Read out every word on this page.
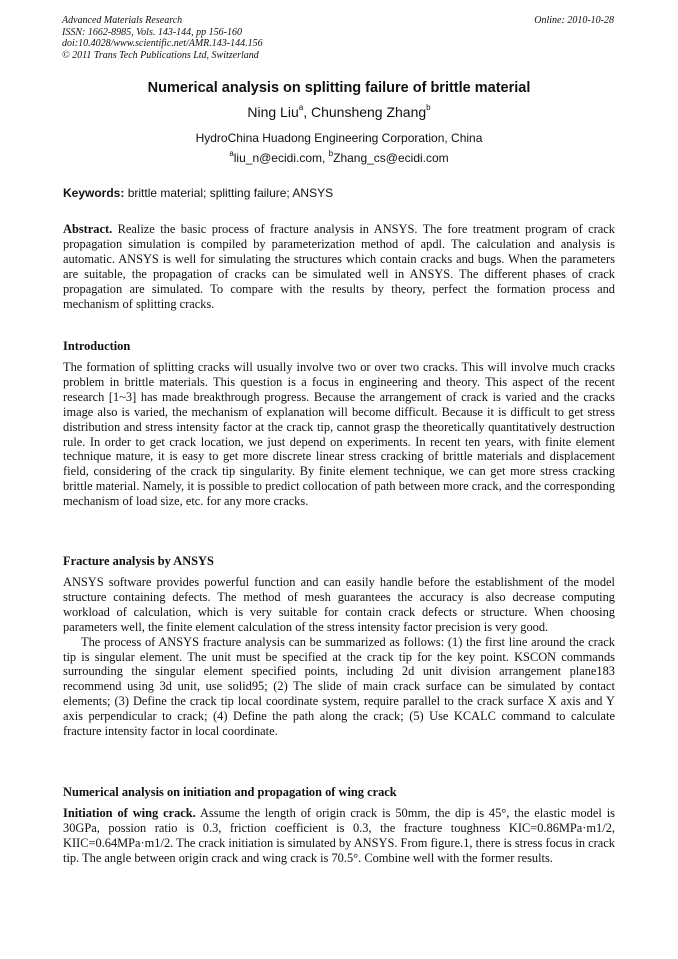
Advanced Materials Research
ISSN: 1662-8985, Vols. 143-144, pp 156-160
doi:10.4028/www.scientific.net/AMR.143-144.156
© 2011 Trans Tech Publications Ltd, Switzerland
Online: 2010-10-28
Numerical analysis on splitting failure of brittle material
Ning Liu$^a$, Chunsheng Zhang$^b$
HydroChina Huadong Engineering Corporation, China
$^a$liu_n@ecidi.com, $^b$Zhang_cs@ecidi.com
Keywords: brittle material; splitting failure; ANSYS

Abstract. Realize the basic process of fracture analysis in ANSYS. The fore treatment program of crack propagation simulation is compiled by parameterization method of apdl. The calculation and analysis is automatic. ANSYS is well for simulating the structures which contain cracks and bugs. When the parameters are suitable, the propagation of cracks can be simulated well in ANSYS. The different phases of crack propagation are simulated. To compare with the results by theory, perfect the formation process and mechanism of splitting cracks.

Introduction

The formation of splitting cracks will usually involve two or over two cracks. This will involve much cracks problem in brittle materials. This question is a focus in engineering and theory. This aspect of the recent research [1~3] has made breakthrough progress. Because the arrangement of crack is varied and the cracks image also is varied, the mechanism of explanation will become difficult. Because it is difficult to get stress distribution and stress intensity factor at the crack tip, cannot grasp the theoretically quantitatively destruction rule. In order to get crack location, we just depend on experiments. In recent ten years, with finite element technique mature, it is easy to get more discrete linear stress cracking of brittle materials and displacement field, considering of the crack tip singularity. By finite element technique, we can get more stress cracking brittle material. Namely, it is possible to predict collocation of path between more crack, and the corresponding mechanism of load size, etc. for any more cracks.

Fracture analysis by ANSYS

ANSYS software provides powerful function and can easily handle before the establishment of the model structure containing defects. The method of mesh guarantees the accuracy is also decrease computing workload of calculation, which is very suitable for contain crack defects or structure. When choosing parameters well, the finite element calculation of the stress intensity factor precision is very good.

The process of ANSYS fracture analysis can be summarized as follows: (1) the first line around the crack tip is singular element. The unit must be specified at the crack tip for the key point. KSCON commands surrounding the singular element specified points, including 2d unit division arrangement plane183 recommend using 3d unit, use solid95; (2) The slide of main crack surface can be simulated by contact elements; (3) Define the crack tip local coordinate system, require parallel to the crack surface X axis and Y axis perpendicular to crack; (4) Define the path along the crack; (5) Use KCALC command to calculate fracture intensity factor in local coordinate.

Numerical analysis on initiation and propagation of wing crack

Initiation of wing crack. Assume the length of origin crack is 50mm, the dip is 45°, the elastic model is 30GPa, possion ratio is 0.3, friction coefficient is 0.3, the fracture toughness KIC=0.86MPa·m1/2, KIIC=0.64MPa·m1/2. The crack initiation is simulated by ANSYS. From figure.1, there is stress focus in crack tip. The angle between origin crack and wing crack is 70.5°. Combine well with the former results.
